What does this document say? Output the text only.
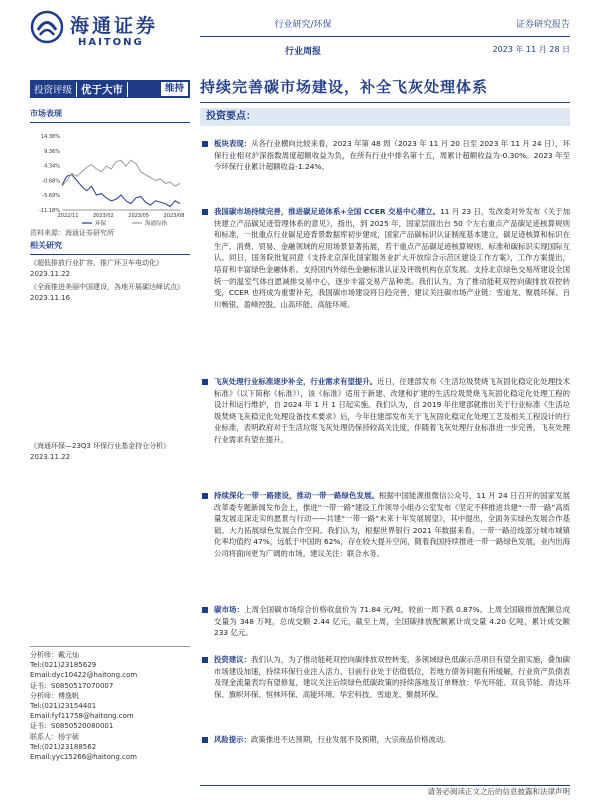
海通证券
HAITONG
行业研究/环保
行业周报
证券研究报告
2023 年 11 月 28 日
投资评级 优于大市	维持 持续完善碳市场建设，补全飞灰处理体系
市场表现
14.38%
9.36%
4.34%
-0.68%
-5.69%
-11.18%
2022/11	2023/02	2023/05	2023/08
环保	海通综指
资料来源：海通证券研究所
相关研究
《超低排放行业扩容，推广环卫车电动化》2023.11.22
《全面推进美丽中国建设，各地开展碳达峰试点》2023.11.16
《海通环保—23Q3 环保行业基金持仓分析》2023.11.22
分析师：戴元灿
Tel:(021)23185629
Email:dyc10422@haitong.com
证书：S0850517070007
分析师：傅逸帆
Tel:(021)23154401
Email:fyf11758@haitong.com
证书：S0850520080001
联系人：杨宇硕
Tel:(021)23188562
Email:yyc15266@haitong.com
投资要点：
板块表现：从各行业横向比较来看，2023 年第 48 周（2023 年 11 月 20 日至 2023 年 11 月 24 日），环保行业相对沪深指数周度超额收益为负，在所有行业中排名第十五，周累计超额收益为-0.30%。2023 年至今环保行业累计超额收益-1.24%。
我国碳市场持续完善，推进碳足迹体系+全国 CCER 交易中心建立。11 月 23 日，发改委对外发布《关于加快建立产品碳足迹管理体系的意见》，指出，到 2025 年，国家层面出台 50 个左右重点产品碳足迹核算规则和标准，一批重点行业碳足迹背景数据库初步建成，国家产品碳标识认证制度基本建立，碳足迹核算和标识在生产、消费、贸易、金融领域的应用场景显著拓展，若干重点产品碳足迹核算规则、标准和碳标识实现国际互认。同日，国务院批复同意《支持北京深化国家服务业扩大开放综合示范区建设工作方案》，工作方案提出，培育和丰富绿色金融体系。支持国内外绿色金融标准认证及评级机构在京发展。支持北京绿色交易所建设全国统一的温室气体自愿减排交易中心，逐步丰富交易产品种类。我们认为，为了推动能耗双控向碳排放双控转变，CCER 也将成为重要补充，我国碳市场建设将日趋完善，建议关注碳市场产业链：雪迪龙、聚晨环保、百川畅银、盈峰控股、山高环能、高能环境。
飞灰处理行业标准逐步补全，行业需求有望提升。近日，住建部发布《生活垃圾焚烧飞灰固化稳定化处理技术标准》（以下简称《标准》），该《标准》适用于新建、改建和扩建的生活垃圾焚烧飞灰固化稳定化处理工程的设计和运行维护，自 2024 年 1 月 1 日起实施。我们认为，自 2019 年住建部就推出关于行业标准《生活垃圾焚烧飞灰稳定化处理设备技术要求》后，今年住建部发布关于飞灰固化稳定化处理工艺及相关工程设计的行业标准，表明政府对于生活垃圾飞灰处理仍保持较高关注度，伴随着飞灰处理行业标准进一步完善，飞灰处理行业需求有望在提升。
持续深化一带一路建设，推动一带一路绿色发展。根据中国能源报微信公众号，11 月 24 日召开的国家发展改革委专题新闻发布会上，推进“一带一路”建设工作领导小组办公室发布《坚定不移推进共建“一带一路”高质量发展走深走实的愿景与行动——共建“一带一路”未来十年发展展望》，其中提出，全面务实绿色发展合作基础。大力拓展绿色发展合作空间。我们认为，根据世界银行 2021 年数据来看，一带一路沿线部分城市城镇化率均值约 47%，远低于中国的 62%，存在较大提升空间，随着我国持续推进一带一路绿色发展，业内出海公司将面向更为广阔的市场。建议关注：联合水务。
碳市场：上周全国碳市场综合价格收盘价为 71.84 元/吨，较前一周下跌 0.87%。上周全国碳排放配额总成交量为 348 万吨，总成交额 2.44 亿元，截至上周，全国碳排放配额累计成交量 4.20 亿吨，累计成交额 233 亿元。
投资建议：我们认为，为了推动能耗双控向碳排放双控转变，多领域绿色低碳示范项目有望全面实施，叠加碳市场建设加速，持续环保行业注入活力，目前行业处于估值低位，若地方债务问题有所缓解，行业资产负债表及现金流量表均有望修复，建议关注后续绿色低碳政策的持续落地及订单释放：华光环能、双良节能、青达环保、旗帜环保、恒林环保、高能环境、华宏科技、雪迪龙、聚晨环保。
风险提示：政策推进不达预期，行业发展不及预期，大宗商品价格波动。
请务必阅读正文之后的信息披露和法律声明
